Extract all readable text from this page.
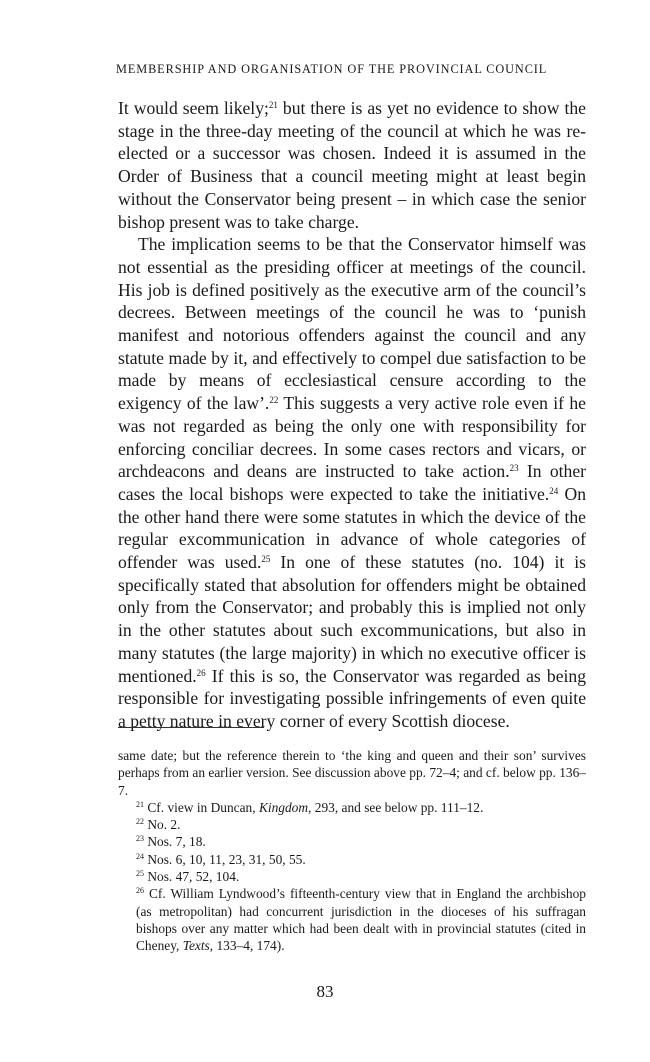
MEMBERSHIP AND ORGANISATION OF THE PROVINCIAL COUNCIL

It would seem likely;$^{21}$ but there is as yet no evidence to show the stage in the three-day meeting of the council at which he was re-elected or a successor was chosen. Indeed it is assumed in the Order of Business that a council meeting might at least begin without the Conservator being present – in which case the senior bishop present was to take charge.

The implication seems to be that the Conservator himself was not essential as the presiding officer at meetings of the council. His job is defined positively as the executive arm of the council’s decrees. Between meetings of the council he was to ‘punish manifest and notorious offenders against the council and any statute made by it, and effectively to compel due satisfaction to be made by means of ecclesiastical censure according to the exigency of the law’.$^{22}$ This suggests a very active role even if he was not regarded as being the only one with responsibility for enforcing conciliar decrees. In some cases rectors and vicars, or archdeacons and deans are instructed to take action.$^{23}$ In other cases the local bishops were expected to take the initiative.$^{24}$ On the other hand there were some statutes in which the device of the regular excommunication in advance of whole categories of offender was used.$^{25}$ In one of these statutes (no. 104) it is specifically stated that absolution for offenders might be obtained only from the Conservator; and probably this is implied not only in the other statutes about such excommunications, but also in many statutes (the large majority) in which no executive officer is mentioned.$^{26}$ If this is so, the Conservator was regarded as being responsible for investigating possible infringements of even quite a petty nature in every corner of every Scottish diocese.

same date; but the reference therein to ‘the king and queen and their son’ survives perhaps from an earlier version. See discussion above pp. 72–4; and cf. below pp. 136–7.

$^{21}$ Cf. view in Duncan, Kingdom, 293, and see below pp. 111–12.

$^{22}$ No. 2.

$^{23}$ Nos. 7, 18.

$^{24}$ Nos. 6, 10, 11, 23, 31, 50, 55.

$^{25}$ Nos. 47, 52, 104.

$^{26}$ Cf. William Lyndwood’s fifteenth-century view that in England the archbishop (as metropolitan) had concurrent jurisdiction in the dioceses of his suffragan bishops over any matter which had been dealt with in provincial statutes (cited in Cheney, Texts, 133–4, 174).

83
